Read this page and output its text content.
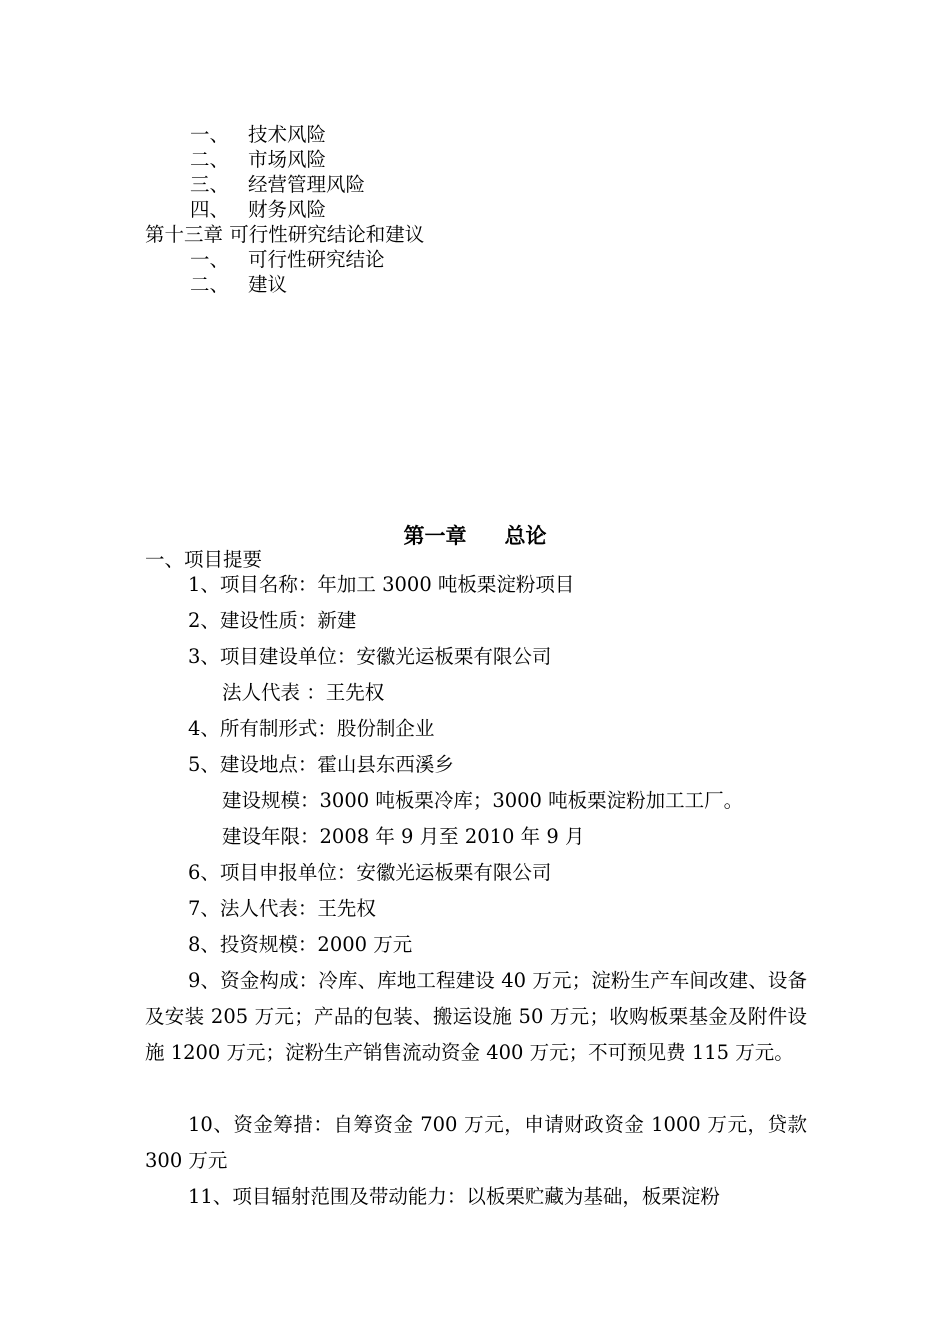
一、 技术风险
二、 市场风险
三、 经营管理风险
四、 财务风险
第十三章 可行性研究结论和建议
一、 可行性研究结论
二、 建议
第一章 总论
一、项目提要
1、项目名称：年加工 3000 吨板栗淀粉项目
2、建设性质：新建
3、项目建设单位：安徽光运板栗有限公司
法人代表 ：王先权
4、所有制形式：股份制企业
5、建设地点：霍山县东西溪乡
建设规模：3000 吨板栗冷库；3000 吨板栗淀粉加工工厂。
建设年限：2008 年 9 月至 2010 年 9 月
6、项目申报单位：安徽光运板栗有限公司
7、法人代表：王先权
8、投资规模：2000 万元
9、资金构成：冷库、库地工程建设 40 万元；淀粉生产车间改建、设备及安装 205 万元；产品的包装、搬运设施 50 万元；收购板栗基金及附件设施 1200 万元；淀粉生产销售流动资金 400 万元；不可预见费 115 万元。
10、资金筹措：自筹资金 700 万元，申请财政资金 1000 万元，贷款 300 万元
11、项目辐射范围及带动能力：以板栗贮藏为基础，板栗淀粉
